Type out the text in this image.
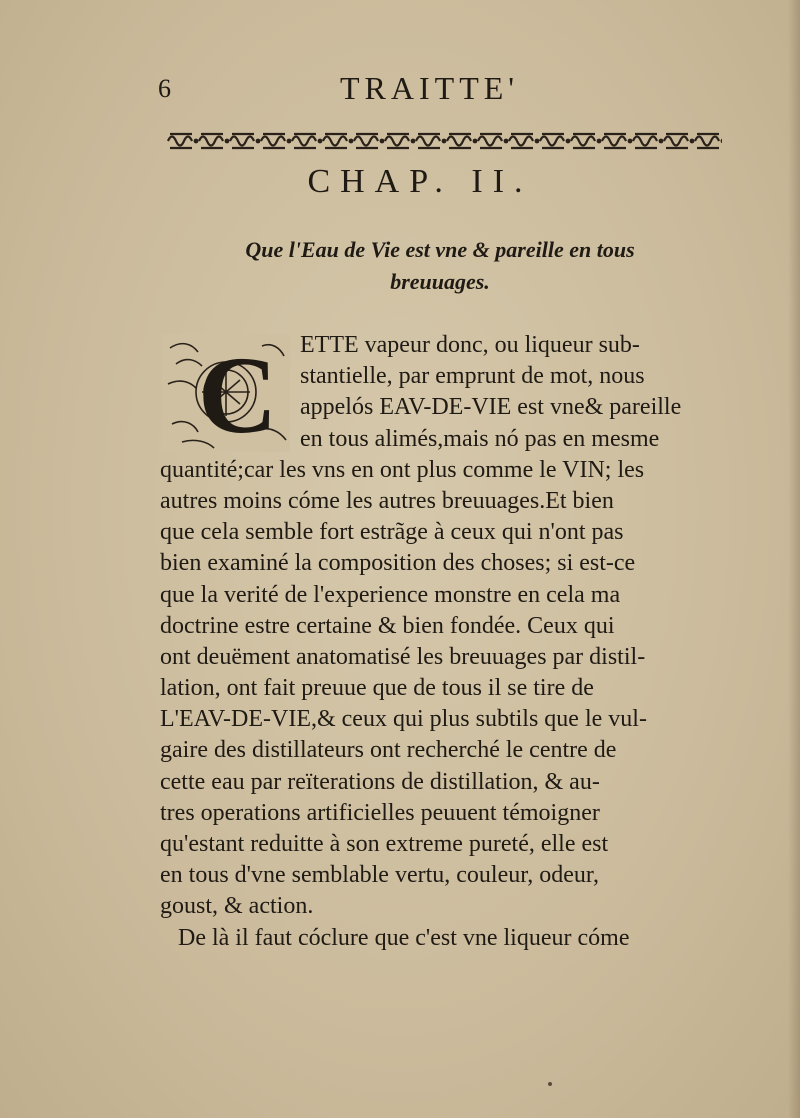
6	TRAITTE'
CHAP. II.
Que l'Eau de Vie est vne & pareille en tous
breuuages.
C ETTE vapeur donc, ou liqueur sub-
stantielle, par emprunt de mot, nous
appelós EAV-DE-VIE est vne& pareille
en tous alimés,mais nó pas en mesme
quantité;car les vns en ont plus comme le VIN; les
autres moins cóme les autres breuuages.Et bien
que cela semble fort estrãge à ceux qui n'ont pas
bien examiné la composition des choses; si est-ce
que la verité de l'experience monstre en cela ma
doctrine estre certaine & bien fondée. Ceux qui
ont deuëment anatomatisé les breuuages par distil-
lation, ont fait preuue que de tous il se tire de
L'EAV-DE-VIE,& ceux qui plus subtils que le vul-
gaire des distillateurs ont recherché le centre de
cette eau par reïterations de distillation, & au-
tres operations artificielles peuuent témoigner
qu'estant reduitte à son extreme pureté, elle est
en tous d'vne semblable vertu, couleur, odeur,
goust, & action.
De là il faut cóclure que c'est vne liqueur cóme
